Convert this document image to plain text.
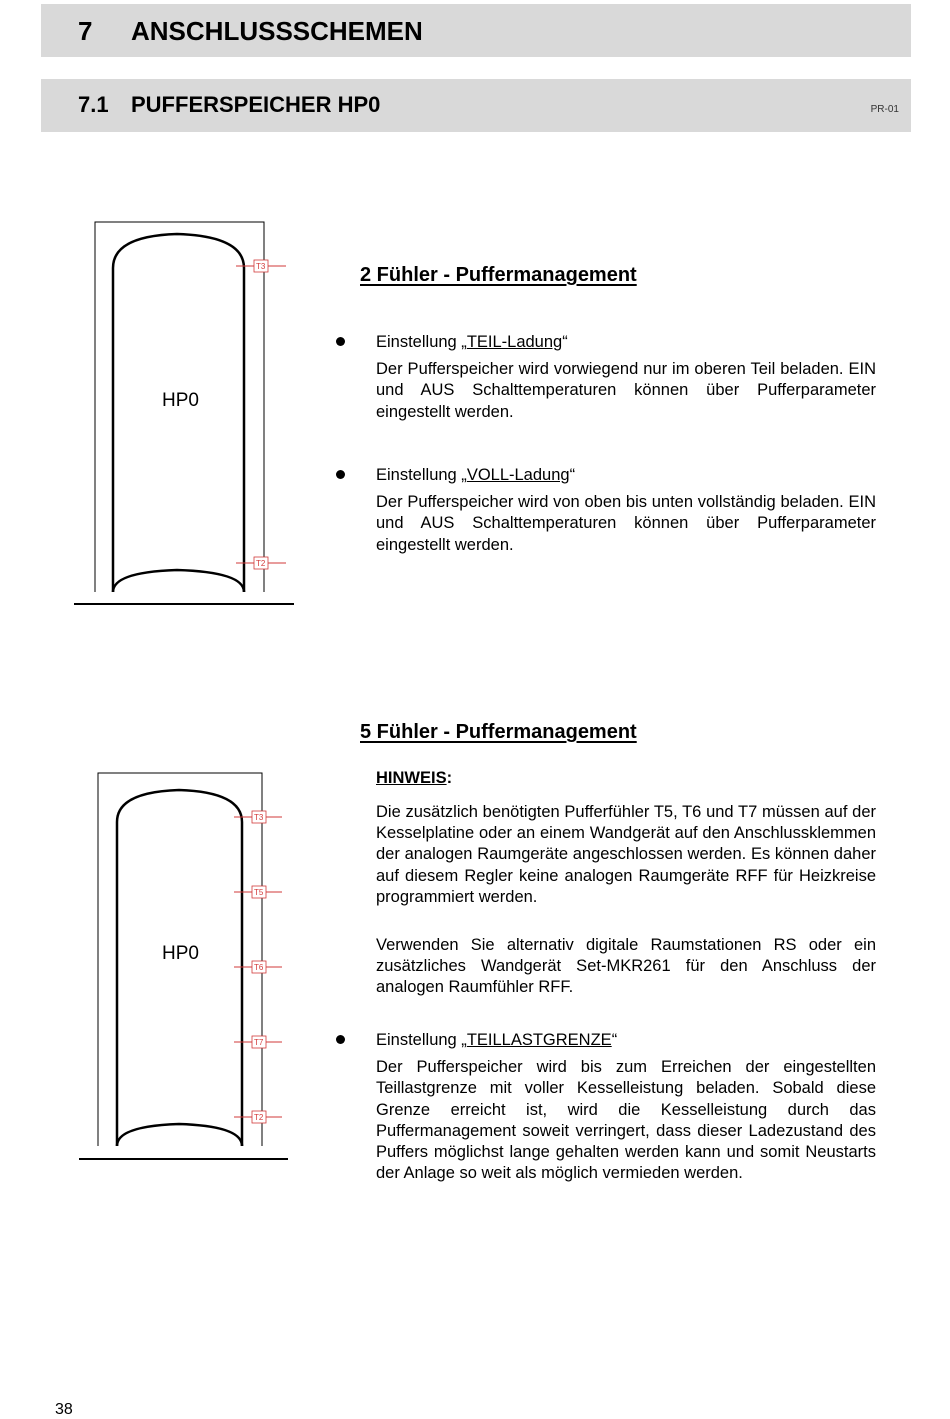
7 ANSCHLUSSSCHEMEN
7.1 PUFFERSPEICHER HP0	PR-01
T3
T2
HP0
T3
T5
T6
T7
T2
HP0
2 Fühler - Puffermanagement
Einstellung „TEIL-Ladung“

Der Pufferspeicher wird vorwiegend nur im oberen Teil beladen. EIN und AUS Schalttemperaturen können über Pufferparameter eingestellt werden.

Einstellung „VOLL-Ladung“

Der Pufferspeicher wird von oben bis unten vollständig beladen. EIN und AUS Schalttemperaturen können über Pufferparameter eingestellt werden.

5 Fühler - Puffermanagement
HINWEIS:

Die zusätzlich benötigten Pufferfühler T5, T6 und T7 müssen auf der Kesselplatine oder an einem Wandgerät auf den Anschlussklemmen der analogen Raumgeräte angeschlossen werden. Es können daher auf diesem Regler keine analogen Raumgeräte RFF für Heizkreise programmiert werden.

Verwenden Sie alternativ digitale Raumstationen RS oder ein zusätzliches Wandgerät Set-MKR261 für den Anschluss der analogen Raumfühler RFF.

Einstellung „TEILLASTGRENZE“

Der Pufferspeicher wird bis zum Erreichen der eingestellten Teillastgrenze mit voller Kesselleistung beladen. Sobald diese Grenze erreicht ist, wird die Kesselleistung durch das Puffermanagement soweit verringert, dass dieser Ladezustand des Puffers möglichst lange gehalten werden kann und somit Neustarts der Anlage so weit als möglich vermieden werden.

38
